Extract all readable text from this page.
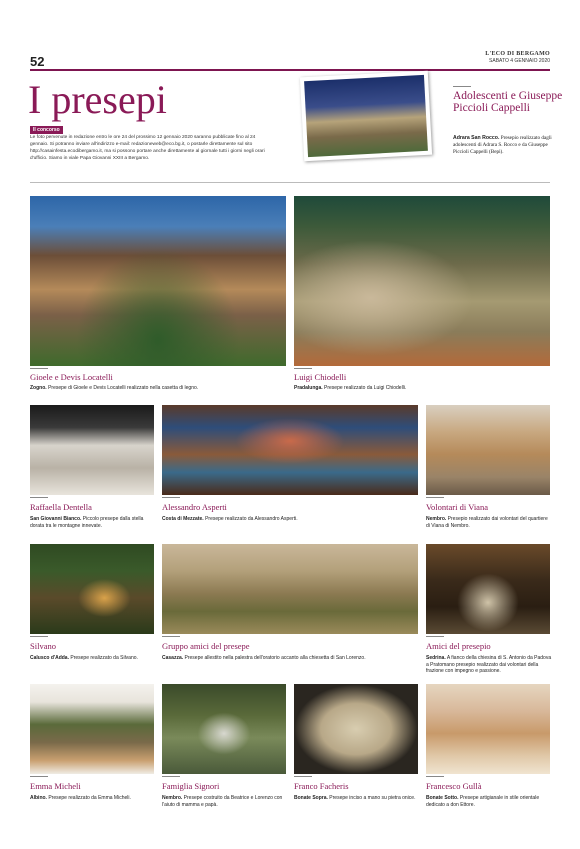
52	L'ECO DI BERGAMO
SABATO 4 GENNAIO 2020
I presepi
Il concorso
Le foto pervenute in redazione entro le ore 24 del prossimo 12 gennaio 2020 saranno pubblicate fino al 24 gennaio. Si potranno inviare all'indirizzo e-mail: redazioneweb@eco.bg.it, o postarle direttamente sul sito http://casainfesta.ecodibergamo.it, ma si possono portare anche direttamente al giornale tutti i giorni negli orari d'ufficio. Siamo in viale Papa Giovanni XXIII a Bergamo.
Adolescenti e Giuseppe Piccioli Cappelli
Adrara San Rocco. Presepio realizzato dagli adolescenti di Adrara S. Rocco e da Giuseppe Piccioli Cappelli (Bepi).
Gioele e Devis Locatelli
Zogno. Presepe di Gioele e Devis Locatelli realizzato nella casetta di legno.
Luigi Chiodelli
Pradalunga. Presepe realizzato da Luigi Chiodelli.
Raffaella Dentella
San Giovanni Bianco. Piccolo presepe dalla stella dorata tra le montagne innevate.
Alessandro Asperti
Costa di Mezzate. Presepe realizzato da Alessandro Asperti.
Volontari di Viana
Nembro. Presepio realizzato dai volontari del quartiere di Viana di Nembro.
Silvano
Calusco d'Adda. Presepe realizzato da Silvano.
Gruppo amici del presepe
Casazza. Presepe allestito nella palestra dell'oratorio accanto alla chiesetta di San Lorenzo.
Amici del presepio
Sedrina. A fianco della chiesina di S. Antonio da Padova a Pratomano presepio realizzato dai volontari della frazione con impegno e passione.
Emma Micheli
Albino. Presepe realizzato da Emma Micheli.
Famiglia Signori
Nembro. Presepe costruito da Beatrice e Lorenzo con l'aiuto di mamma e papà.
Franco Facheris
Bonate Sopra. Presepe inciso a mano su pietra onice.
Francesco Gullà
Bonate Sotto. Presepe artigianale in stile orientale dedicato a don Ettore.
